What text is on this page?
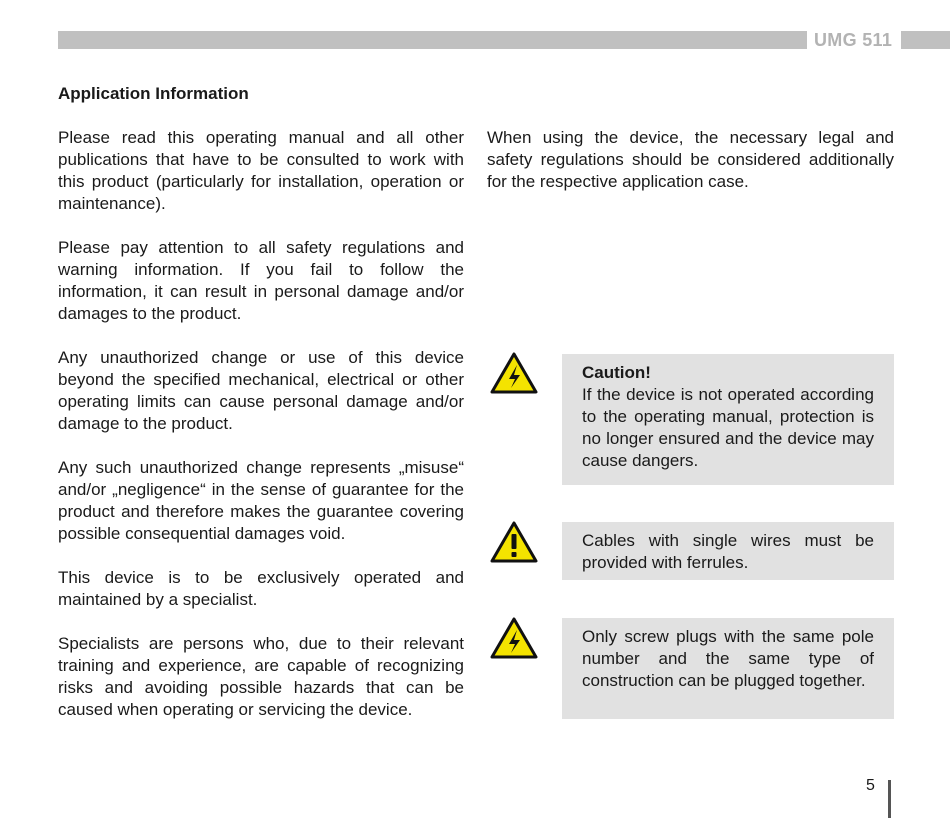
UMG 511
Application Information

Please read this operating manual and all other publications that have to be consulted to work with this product (particularly for installation, operation or maintenance).

Please pay attention to all safety regulations and warning information. If you fail to follow the information, it can result in personal damage and/or damages to the product.

Any unauthorized change or use of this device beyond the specified mechanical, electrical or other operating limits can cause personal damage and/or damage to the product.

Any such unauthorized change represents „misuse“ and/or „negligence“ in the sense of guarantee for the product and therefore makes the guarantee covering possible consequential damages void.

This device is to be exclusively operated and maintained by a specialist.

Specialists are persons who, due to their relevant training and experience, are capable of recognizing risks and avoiding possible hazards that can be caused when operating or servicing the device.

When using the device, the necessary legal and safety regulations should be considered additionally for the respective application case.

Caution!

If the device is not operated according to the operating manual, protection is no longer ensured and the device may cause dangers.

Cables with single wires must be provided with ferrules.

Only screw plugs with the same pole number and the same type of construction can be plugged together.

5
